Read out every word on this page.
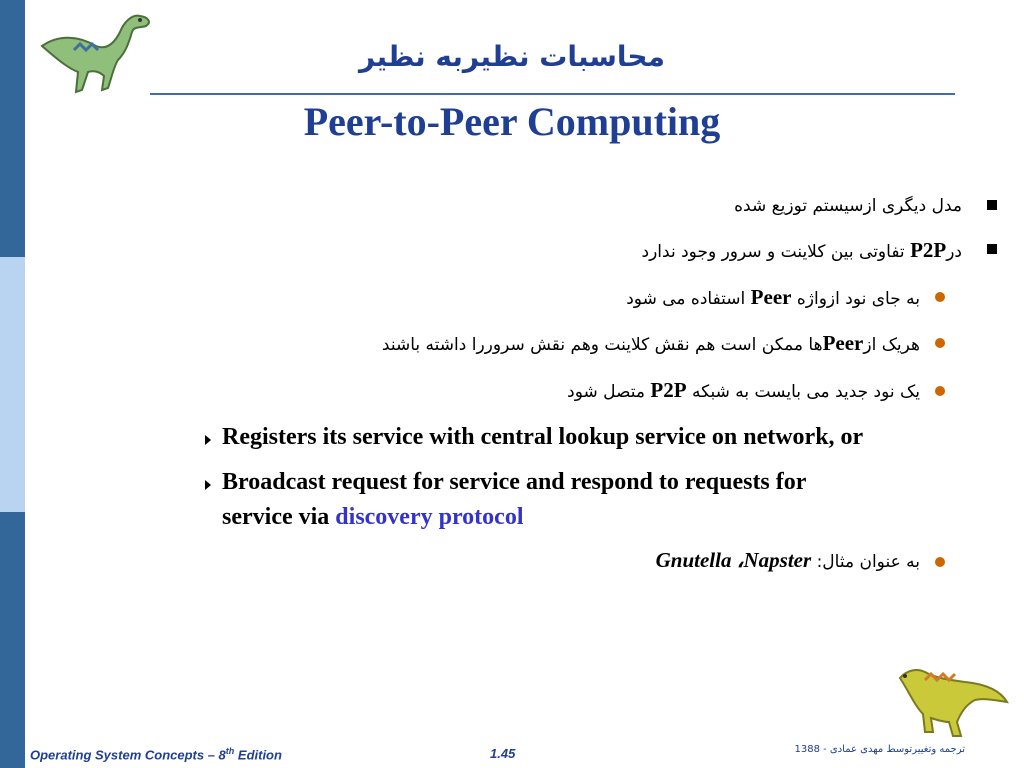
محاسبات نظیربه نظیر
Peer-to-Peer Computing
مدل دیگری ازسیستم توزیع شده
درP2P تفاوتی بین کلاینت و سرور وجود ندارد
به جای نود ازواژه Peer استفاده می شود
هریک ازPeerها ممکن است هم نقش کلاینت وهم نقش سروررا داشته باشند
یک نود جدید می بایست به شبکه P2P متصل شود
Registers its service with central lookup service on network, or
Broadcast request for service and respond to requests for
service via discovery protocol
به عنوان مثال: Gnutella ،Napster
Operating System Concepts – 8th Edition	1.45	ترجمه وتغییرتوسط مهدی عمادی - 1388
